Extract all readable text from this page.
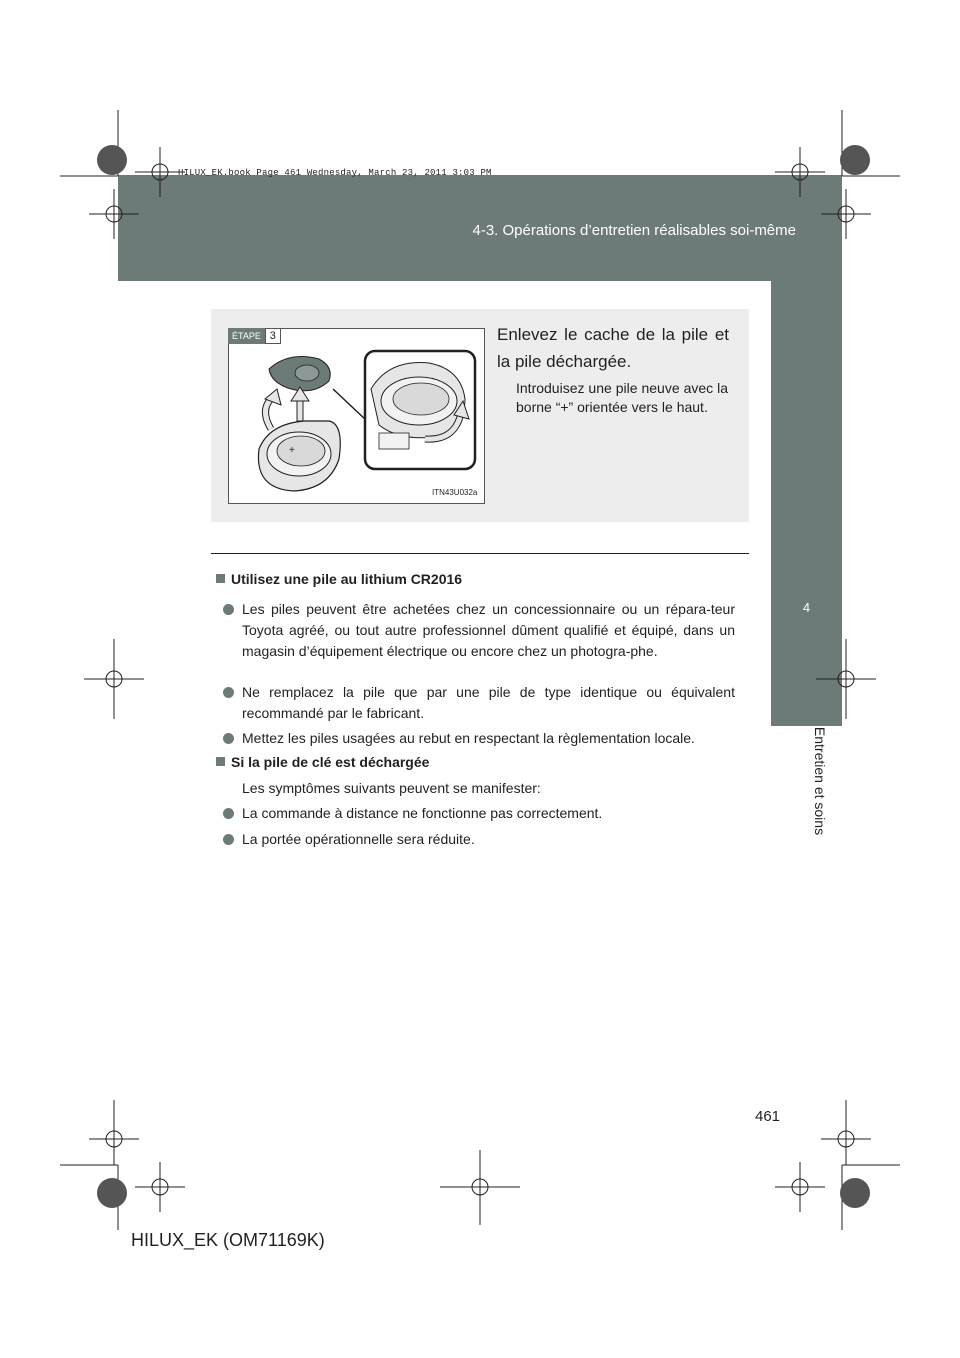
4-3. Opérations d’entretien réalisables soi-même
HILUX_EK.book Page 461 Wednesday, March 23, 2011 3:03 PM
4
Entretien et soins
+
ÉTAPE 3
ITN43U032a
Enlevez le cache de la pile et la pile déchargée.
Introduisez une pile neuve avec la borne “+” orientée vers le haut.
Utilisez une pile au lithium CR2016
Les piles peuvent être achetées chez un concessionnaire ou un répara-teur Toyota agréé, ou tout autre professionnel dûment qualifié et équipé, dans un magasin d’équipement électrique ou encore chez un photogra-phe.
Ne remplacez la pile que par une pile de type identique ou équivalent recommandé par le fabricant.
Mettez les piles usagées au rebut en respectant la règlementation locale.
Si la pile de clé est déchargée
Les symptômes suivants peuvent se manifester:
La commande à distance ne fonctionne pas correctement.
La portée opérationnelle sera réduite.
461
HILUX_EK (OM71169K)
